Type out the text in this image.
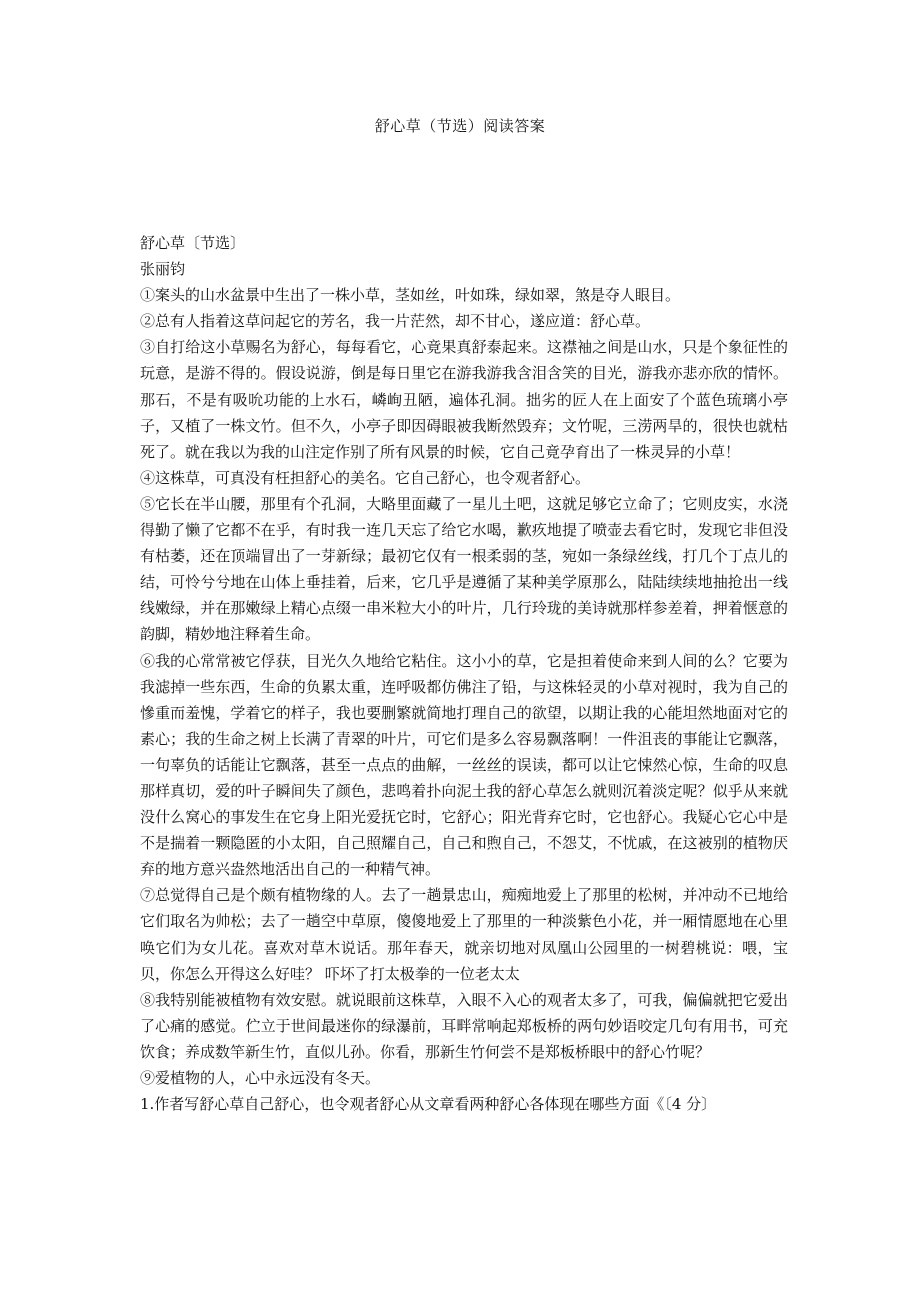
舒心草（节选）阅读答案

舒心草〔节选〕

张丽钧

①案头的山水盆景中生出了一株小草，茎如丝，叶如珠，绿如翠，煞是夺人眼目。

②总有人指着这草问起它的芳名，我一片茫然，却不甘心，遂应道：舒心草。

③自打给这小草赐名为舒心，每每看它，心竟果真舒泰起来。这襟袖之间是山水，只是个象征性的玩意，是游不得的。假设说游，倒是每日里它在游我游我含泪含笑的目光，游我亦悲亦欣的情怀。那石，不是有吸吮功能的上水石，嶙峋丑陋，遍体孔洞。拙劣的匠人在上面安了个蓝色琉璃小亭子，又植了一株文竹。但不久，小亭子即因碍眼被我断然毁弃；文竹呢，三涝两旱的，很快也就枯死了。就在我以为我的山注定作别了所有风景的时候，它自己竟孕育出了一株灵异的小草！

④这株草，可真没有枉担舒心的美名。它自己舒心，也令观者舒心。

⑤它长在半山腰，那里有个孔洞，大略里面藏了一星儿土吧，这就足够它立命了；它则皮实，水浇得勤了懒了它都不在乎，有时我一连几天忘了给它水喝，歉疚地提了喷壶去看它时，发现它非但没有枯萎，还在顶端冒出了一芽新绿；最初它仅有一根柔弱的茎，宛如一条绿丝线，打几个丁点儿的结，可怜兮兮地在山体上垂挂着，后来，它几乎是遵循了某种美学原那么，陆陆续续地抽抢出一线线嫩绿，并在那嫩绿上精心点缀一串米粒大小的叶片，几行玲珑的美诗就那样参差着，押着惬意的韵脚，精妙地注释着生命。

⑥我的心常常被它俘获，目光久久地给它粘住。这小小的草，它是担着使命来到人间的么？它要为我滤掉一些东西，生命的负累太重，连呼吸都仿佛注了铅，与这株轻灵的小草对视时，我为自己的慘重而羞愧，学着它的样子，我也要删繁就简地打理自己的欲望，以期让我的心能坦然地面对它的素心；我的生命之树上长满了青翠的叶片，可它们是多么容易飘落啊！一件沮丧的事能让它飘落，一句辜负的话能让它飘落，甚至一点点的曲解，一丝丝的误读，都可以让它悚然心惊，生命的叹息那样真切，爱的叶子瞬间失了颜色，悲鸣着扑向泥土我的舒心草怎么就则沉着淡定呢？似乎从来就没什么窝心的事发生在它身上阳光爱抚它时，它舒心；阳光背弃它时，它也舒心。我疑心它心中是不是揣着一颗隐匿的小太阳，自己照耀自己，自己和煦自己，不怨艾，不忧戚，在这被别的植物厌弃的地方意兴盎然地活出自己的一种精气神。

⑦总觉得自己是个颇有植物缘的人。去了一趟景忠山，痴痴地爱上了那里的松树，并冲动不已地给它们取名为帅松；去了一趟空中草原，傻傻地爱上了那里的一种淡紫色小花，并一厢情愿地在心里唤它们为女儿花。喜欢对草木说话。那年春天，就亲切地对凤凰山公园里的一树碧桃说：喂，宝贝，你怎么开得这么好哇？ 吓坏了打太极拳的一位老太太

⑧我特别能被植物有效安慰。就说眼前这株草，入眼不入心的观者太多了，可我，偏偏就把它爱出了心痛的感觉。伫立于世间最迷你的绿瀑前，耳畔常响起郑板桥的两句妙语咬定几句有用书，可充饮食；养成数竿新生竹，直似儿孙。你看，那新生竹何尝不是郑板桥眼中的舒心竹呢？

⑨爱植物的人，心中永远没有冬天。

1.作者写舒心草自己舒心，也令观者舒心从文章看两种舒心各体现在哪些方面《〔4 分〕
